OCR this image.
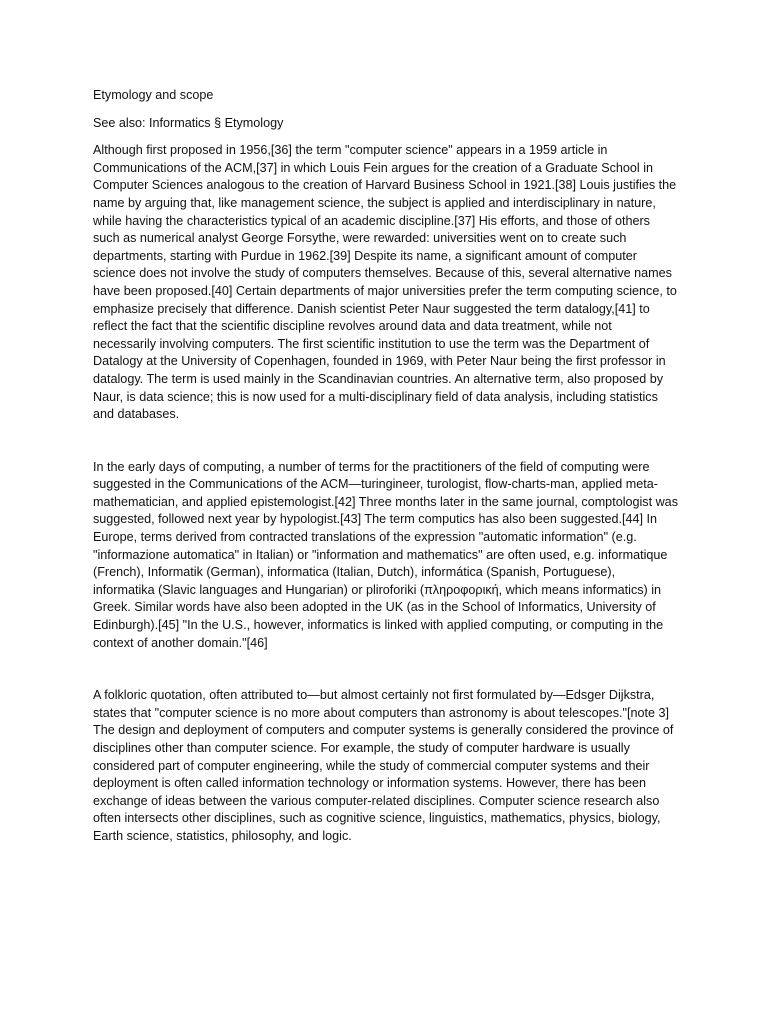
Etymology and scope

See also: Informatics § Etymology

Although first proposed in 1956,[36] the term "computer science" appears in a 1959 article in Communications of the ACM,[37] in which Louis Fein argues for the creation of a Graduate School in Computer Sciences analogous to the creation of Harvard Business School in 1921.[38] Louis justifies the name by arguing that, like management science, the subject is applied and interdisciplinary in nature, while having the characteristics typical of an academic discipline.[37] His efforts, and those of others such as numerical analyst George Forsythe, were rewarded: universities went on to create such departments, starting with Purdue in 1962.[39] Despite its name, a significant amount of computer science does not involve the study of computers themselves. Because of this, several alternative names have been proposed.[40] Certain departments of major universities prefer the term computing science, to emphasize precisely that difference. Danish scientist Peter Naur suggested the term datalogy,[41] to reflect the fact that the scientific discipline revolves around data and data treatment, while not necessarily involving computers. The first scientific institution to use the term was the Department of Datalogy at the University of Copenhagen, founded in 1969, with Peter Naur being the first professor in datalogy. The term is used mainly in the Scandinavian countries. An alternative term, also proposed by Naur, is data science; this is now used for a multi-disciplinary field of data analysis, including statistics and databases.

In the early days of computing, a number of terms for the practitioners of the field of computing were suggested in the Communications of the ACM—turingineer, turologist, flow-charts-man, applied meta-mathematician, and applied epistemologist.[42] Three months later in the same journal, comptologist was suggested, followed next year by hypologist.[43] The term computics has also been suggested.[44] In Europe, terms derived from contracted translations of the expression "automatic information" (e.g. "informazione automatica" in Italian) or "information and mathematics" are often used, e.g. informatique (French), Informatik (German), informatica (Italian, Dutch), informática (Spanish, Portuguese), informatika (Slavic languages and Hungarian) or pliroforiki (πληροφορική, which means informatics) in Greek. Similar words have also been adopted in the UK (as in the School of Informatics, University of Edinburgh).[45] "In the U.S., however, informatics is linked with applied computing, or computing in the context of another domain."[46]

A folkloric quotation, often attributed to—but almost certainly not first formulated by—Edsger Dijkstra, states that "computer science is no more about computers than astronomy is about telescopes."[note 3] The design and deployment of computers and computer systems is generally considered the province of disciplines other than computer science. For example, the study of computer hardware is usually considered part of computer engineering, while the study of commercial computer systems and their deployment is often called information technology or information systems. However, there has been exchange of ideas between the various computer-related disciplines. Computer science research also often intersects other disciplines, such as cognitive science, linguistics, mathematics, physics, biology, Earth science, statistics, philosophy, and logic.
